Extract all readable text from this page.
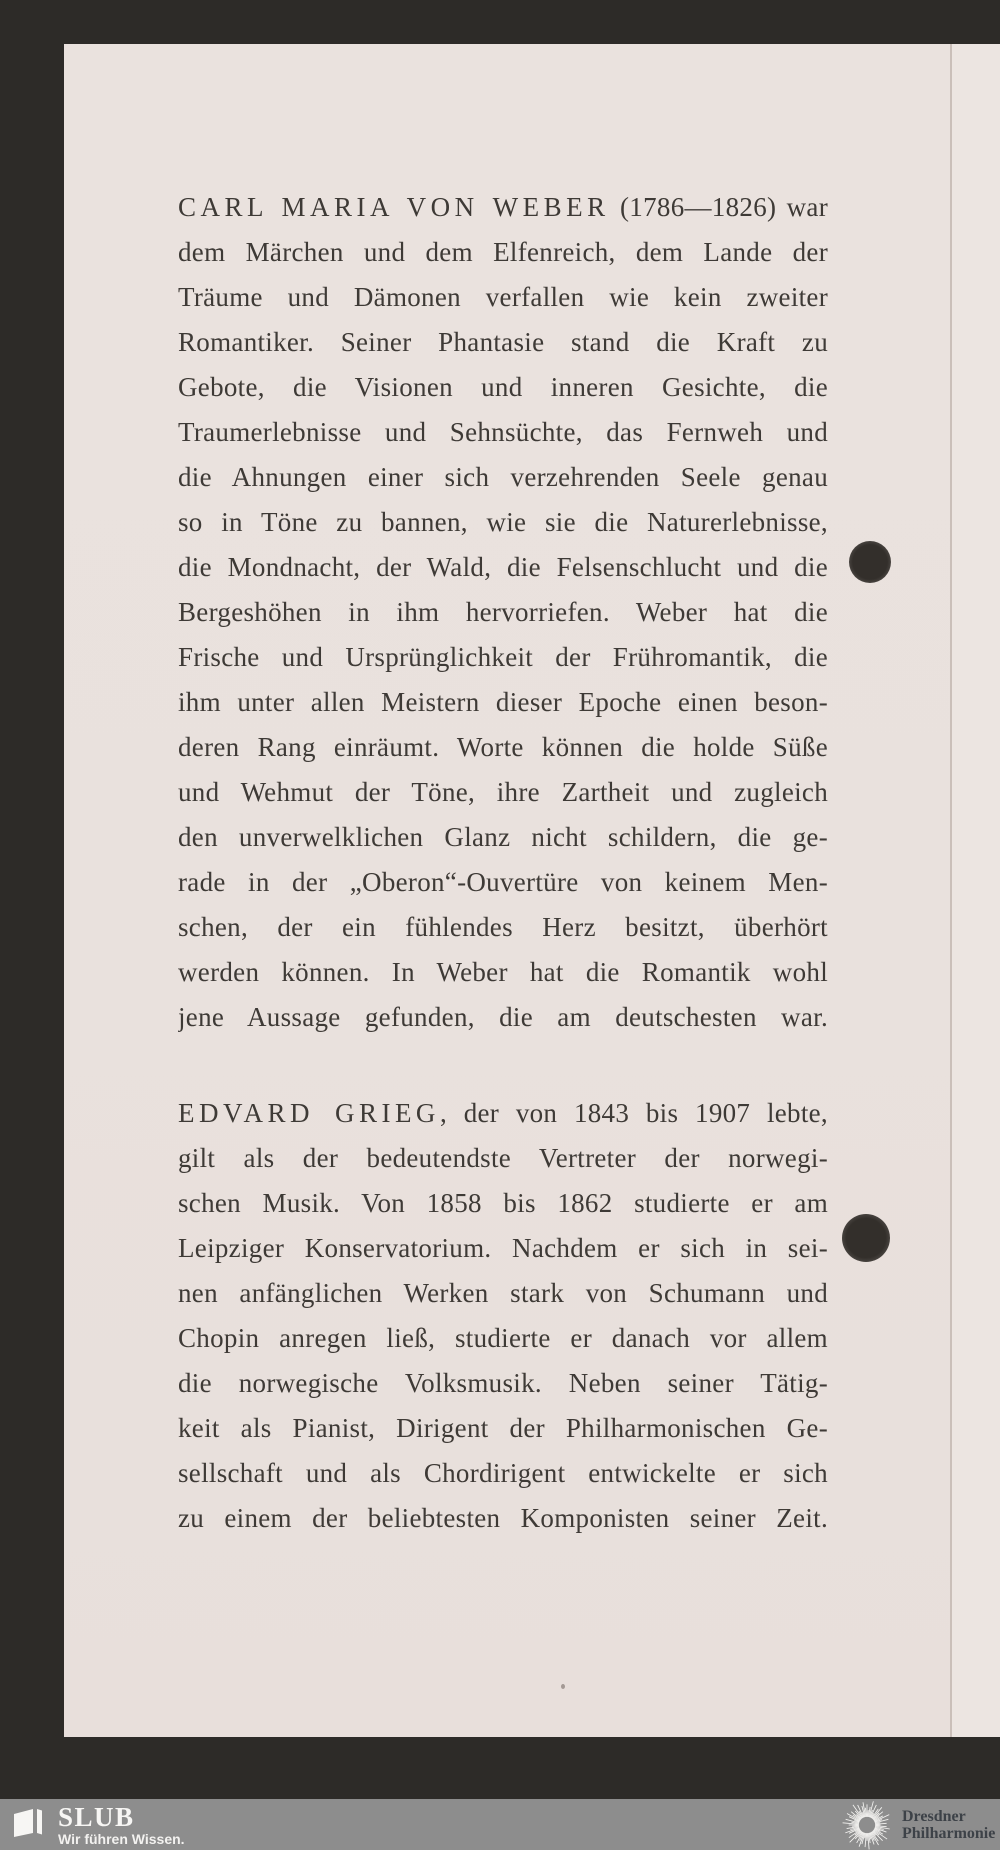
CARL MARIA VON WEBER (1786—1826) war
dem Märchen und dem Elfenreich, dem Lande der
Träume und Dämonen verfallen wie kein zweiter
Romantiker. Seiner Phantasie stand die Kraft zu
Gebote, die Visionen und inneren Gesichte, die
Traumerlebnisse und Sehnsüchte, das Fernweh und
die Ahnungen einer sich verzehrenden Seele genau
so in Töne zu bannen, wie sie die Naturerlebnisse,
die Mondnacht, der Wald, die Felsenschlucht und die
Bergeshöhen in ihm hervorriefen. Weber hat die
Frische und Ursprünglichkeit der Frühromantik, die
ihm unter allen Meistern dieser Epoche einen beson-
deren Rang einräumt. Worte können die holde Süße
und Wehmut der Töne, ihre Zartheit und zugleich
den unverwelklichen Glanz nicht schildern, die ge-
rade in der „Oberon“-Ouvertüre von keinem Men-
schen, der ein fühlendes Herz besitzt, überhört
werden können. In Weber hat die Romantik wohl
jene Aussage gefunden, die am deutschesten war.
EDVARD GRIEG, der von 1843 bis 1907 lebte,
gilt als der bedeutendste Vertreter der norwegi-
schen Musik. Von 1858 bis 1862 studierte er am
Leipziger Konservatorium. Nachdem er sich in sei-
nen anfänglichen Werken stark von Schumann und
Chopin anregen ließ, studierte er danach vor allem
die norwegische Volksmusik. Neben seiner Tätig-
keit als Pianist, Dirigent der Philharmonischen Ge-
sellschaft und als Chordirigent entwickelte er sich
zu einem der beliebtesten Komponisten seiner Zeit.
SLUB
Wir führen Wissen.
Dresdner
Philharmonie
